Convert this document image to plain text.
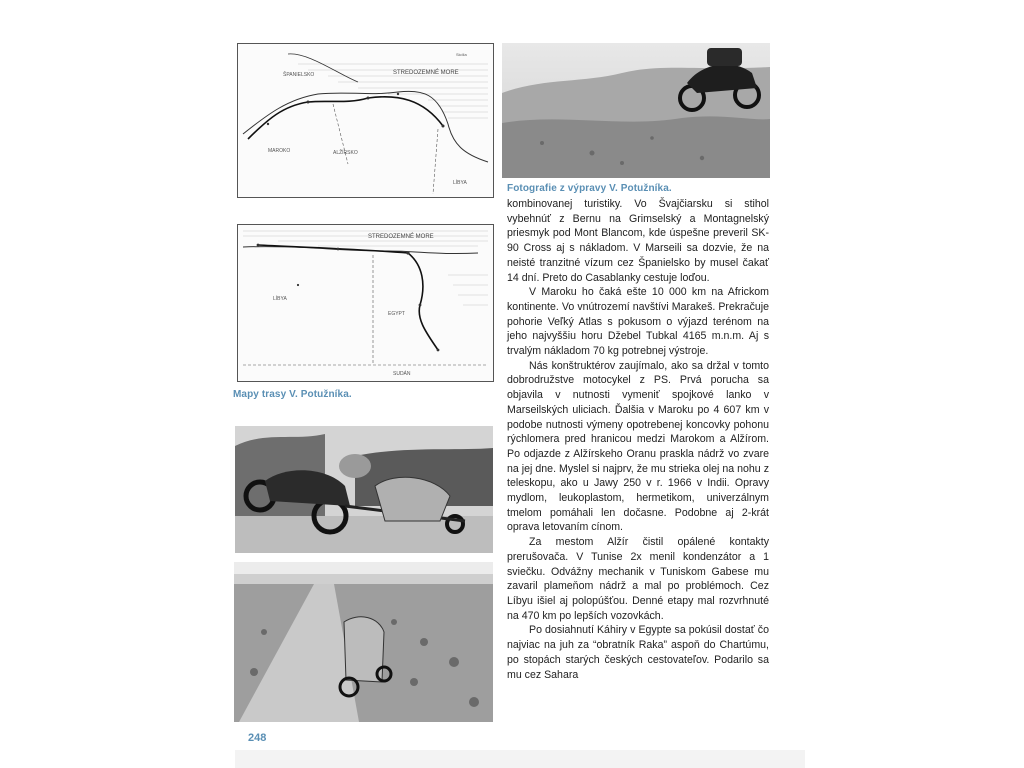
STREDOZEMNÉ MORE
ŠPANIELSKO
MAROKO	ALŽÍRSKO
LÍBYA
Sicília
STREDOZEMNÉ MORE
LÍBYA
EGYPT
SUDÁN
Fotografie z výpravy V. Potužníka.
Mapy trasy V. Potužníka.

kombinovanej turistiky. Vo Švajčiarsku si stihol vybehnúť z Bernu na Grimselský a Montagnelský priesmyk pod Mont Blancom, kde úspešne preveril SK-90 Cross aj s nákladom. V Marseili sa dozvie, že na neisté tranzitné vízum cez Španielsko by musel čakať 14 dní. Preto do Casablanky cestuje loďou.

V Maroku ho čaká ešte 10 000 km na Africkom kontinente. Vo vnútrozemí navštívi Marakeš. Prekračuje pohorie Veľký Atlas s pokusom o výjazd terénom na jeho najvyššiu horu Džebel Tubkal 4165 m.n.m. Aj s trvalým nákladom 70 kg potrebnej výstroje.

Nás konštruktérov zaujímalo, ako sa držal v tomto dobrodružstve motocykel z PS. Prvá porucha sa objavila v nutnosti vymeniť spojkové lanko v Marseilských uliciach. Ďalšia v Maroku po 4 607 km v podobe nutnosti výmeny opotrebenej koncovky pohonu rýchlomera pred hranicou medzi Marokom a Alžírom. Po odjazde z Alžírskeho Oranu praskla nádrž vo zvare na jej dne. Myslel si najprv, že mu strieka olej na nohu z teleskopu, ako u Jawy 250 v r. 1966 v Indii. Opravy mydlom, leukoplastom, hermetikom, univerzálnym tmelom pomáhali len dočasne. Podobne aj 2-krát oprava letovaním cínom.

Za mestom Alžír čistil opálené kontakty prerušovača. V Tunise 2x menil kondenzátor a 1 sviečku. Odvážny mechanik v Tuniskom Gabese mu zavaril plameňom nádrž a mal po problémoch. Cez Líbyu išiel aj polopúšťou. Denné etapy mal rozvrhnuté na 470 km po lepších vozovkách.

Po dosiahnutí Káhiry v Egypte sa pokúsil dostať čo najviac na juh za “obratník Raka” aspoň do Chartúmu, po stopách starých českých cestovateľov. Podarilo sa mu cez Sahara

248
